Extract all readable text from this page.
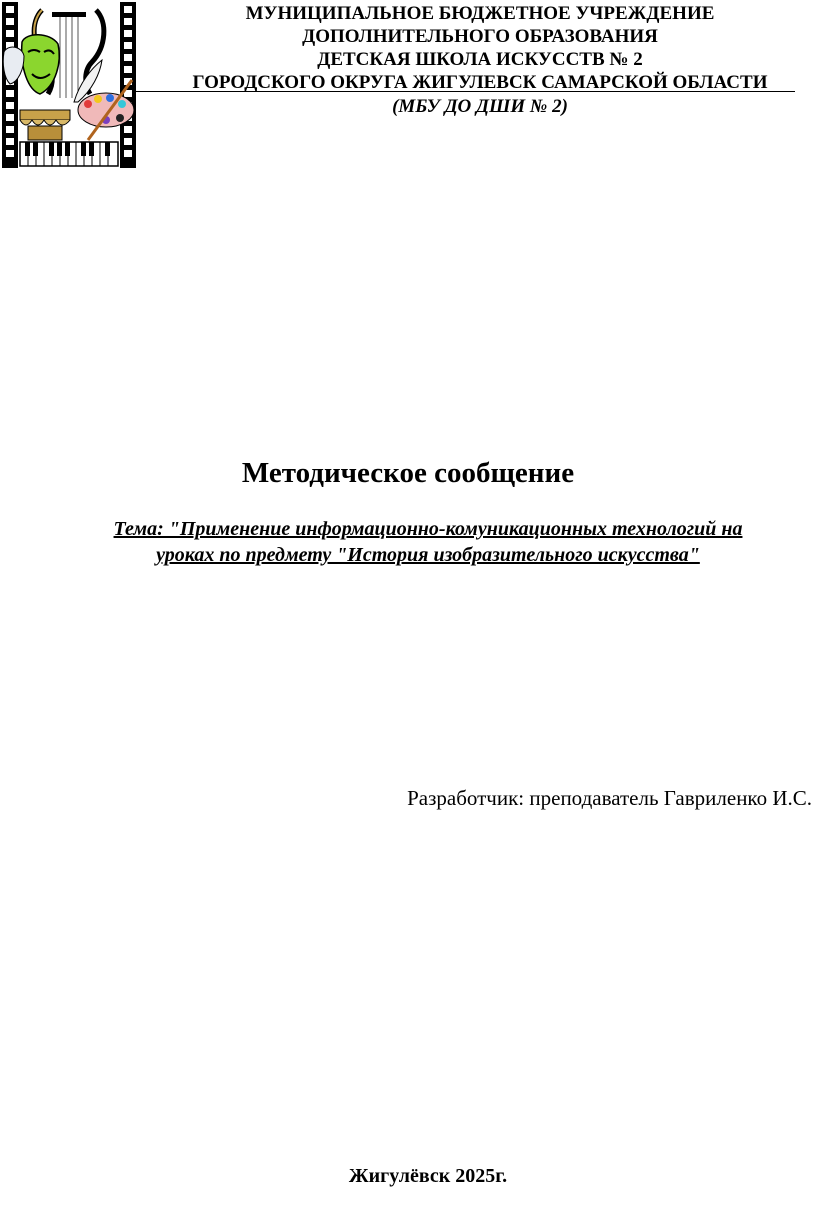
МУНИЦИПАЛЬНОЕ БЮДЖЕТНОЕ УЧРЕЖДЕНИЕ
ДОПОЛНИТЕЛЬНОГО ОБРАЗОВАНИЯ
ДЕТСКАЯ ШКОЛА ИСКУССТВ № 2
ГОРОДСКОГО ОКРУГА ЖИГУЛЕВСК САМАРСКОЙ ОБЛАСТИ
(МБУ ДО ДШИ № 2)
Методическое сообщение
Тема: "Применение информационно-комуникационных технологий на
уроках по предмету "История изобразительного искусства"
Разработчик: преподаватель Гавриленко И.С.
Жигулёвск 2025г.
